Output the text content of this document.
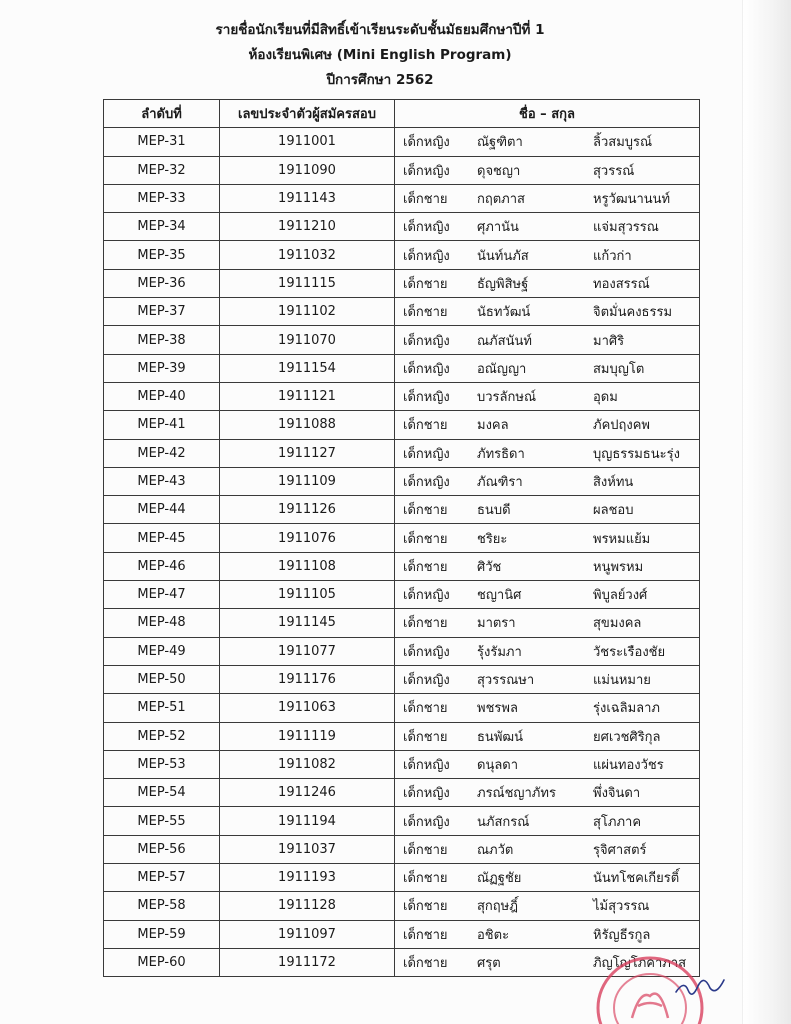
รายชื่อนักเรียนที่มีสิทธิ์เข้าเรียนระดับชั้นมัธยมศึกษาปีที่ 1
ห้องเรียนพิเศษ (Mini English Program)
ปีการศึกษา 2562
ลำดับที่	เลขประจำตัวผู้สมัครสอบ	ชื่อ – สกุล
MEP-31	1911001	เด็กหญิง ณัฐฑิตา ลิ้วสมบูรณ์
MEP-32	1911090	เด็กหญิง ดุจชญา สุวรรณ์
MEP-33	1911143	เด็กชาย กฤตภาส หรูวัฒนานนท์
MEP-34	1911210	เด็กหญิง ศุภานัน แจ่มสุวรรณ
MEP-35	1911032	เด็กหญิง นันท์นภัส แก้วก่า
MEP-36	1911115	เด็กชาย ธัญพิสิษฐ์ ทองสรรณ์
MEP-37	1911102	เด็กชาย นัธทวัฒน์ จิตมั่นคงธรรม
MEP-38	1911070	เด็กหญิง ณภัสนันท์ มาศิริ
MEP-39	1911154	เด็กหญิง อณัญญา สมบุญโต
MEP-40	1911121	เด็กหญิง บวรลักษณ์ อุดม
MEP-41	1911088	เด็กชาย มงคล ภัคปฤงคพ
MEP-42	1911127	เด็กหญิง ภัทรธิดา บุญธรรมธนะรุ่ง
MEP-43	1911109	เด็กหญิง ภัณฑิรา สิงห์ทน
MEP-44	1911126	เด็กชาย ธนบดี ผลชอบ
MEP-45	1911076	เด็กชาย ชริยะ พรหมแย้ม
MEP-46	1911108	เด็กชาย ศิวัช หนูพรหม
MEP-47	1911105	เด็กหญิง ชญานิศ พิบูลย์วงศ์
MEP-48	1911145	เด็กชาย มาตรา สุขมงคล
MEP-49	1911077	เด็กหญิง รุ้งรัมภา วัชระเรืองชัย
MEP-50	1911176	เด็กหญิง สุวรรณษา แม่นหมาย
MEP-51	1911063	เด็กชาย พชรพล รุ่งเฉลิมลาภ
MEP-52	1911119	เด็กชาย ธนพัฒน์ ยศเวชศิริกุล
MEP-53	1911082	เด็กหญิง ดนุลดา แผ่นทองวัชร
MEP-54	1911246	เด็กหญิง ภรณ์ชญาภัทร พึ่งจินดา
MEP-55	1911194	เด็กหญิง นภัสกรณ์ สุโภภาค
MEP-56	1911037	เด็กชาย ณภวัต รุจิศาสตร์
MEP-57	1911193	เด็กชาย ณัฏฐชัย นันทโชคเกียรติ์
MEP-58	1911128	เด็กชาย สุกฤษฎิ์ ไม้สุวรรณ
MEP-59	1911097	เด็กชาย อชิตะ หิรัญธีรกูล
MEP-60	1911172	เด็กชาย ศรุต ภิญโญโภคาภาส
